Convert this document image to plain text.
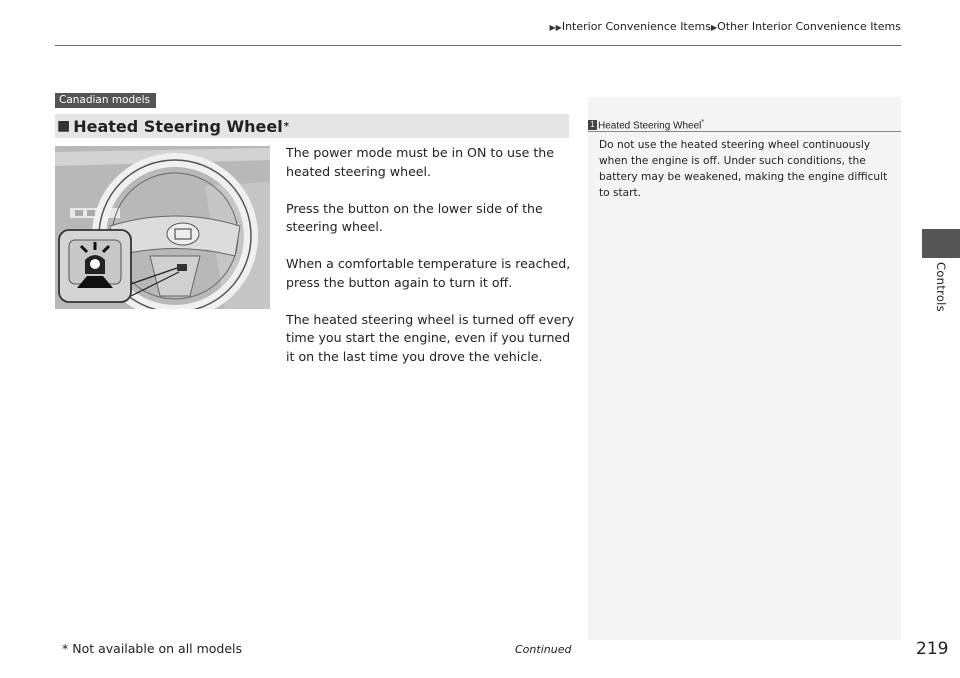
▶▶Interior Convenience Items▶Other Interior Convenience Items
Controls
Canadian models
■ Heated Steering Wheel *

The power mode must be in ON to use the heated steering wheel.

Press the button on the lower side of the steering wheel.

When a comfortable temperature is reached, press the button again to turn it off.

The heated steering wheel is turned off every time you start the engine, even if you turned it on the last time you drove the vehicle.

1 Heated Steering Wheel*
Do not use the heated steering wheel continuously when the engine is off. Under such conditions, the battery may be weakened, making the engine difficult to start.
* Not available on all models	Continued	219
